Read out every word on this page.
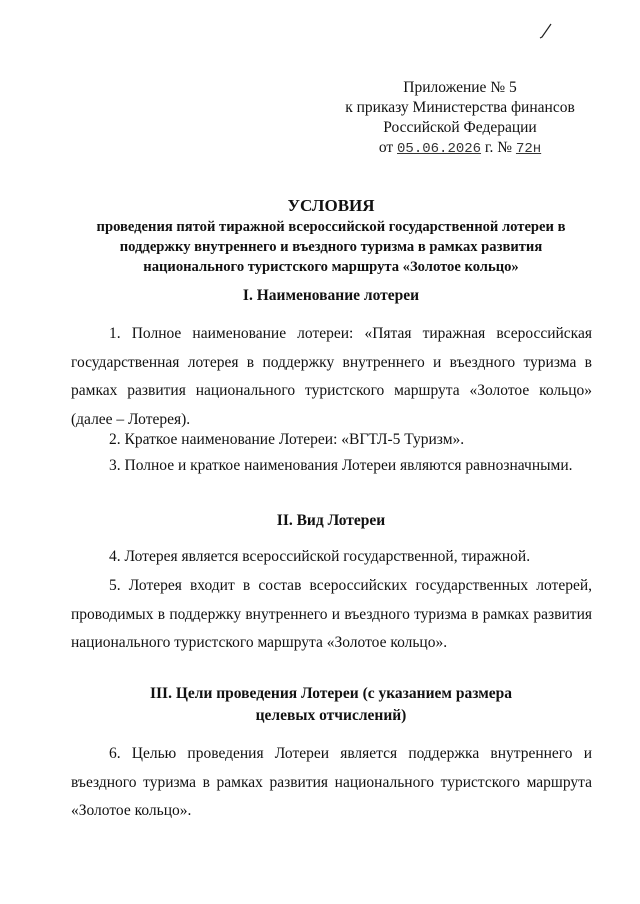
Приложение № 5
к приказу Министерства финансов
Российской Федерации
от 05.06.2026 г. № 72н
УСЛОВИЯ
проведения пятой тиражной всероссийской государственной лотереи в
поддержку внутреннего и въездного туризма в рамках развития
национального туристского маршрута «Золотое кольцо»
I. Наименование лотереи

1. Полное наименование лотереи: «Пятая тиражная всероссийская государственная лотерея в поддержку внутреннего и въездного туризма в рамках развития национального туристского маршрута «Золотое кольцо» (далее – Лотерея).

2. Краткое наименование Лотереи: «ВГТЛ-5 Туризм».

3. Полное и краткое наименования Лотереи являются равнозначными.

II. Вид Лотереи

4. Лотерея является всероссийской государственной, тиражной.

5. Лотерея входит в состав всероссийских государственных лотерей, проводимых в поддержку внутреннего и въездного туризма в рамках развития национального туристского маршрута «Золотое кольцо».

III. Цели проведения Лотереи (с указанием размера
целевых отчислений)

6. Целью проведения Лотереи является поддержка внутреннего и въездного туризма в рамках развития национального туристского маршрута «Золотое кольцо».
